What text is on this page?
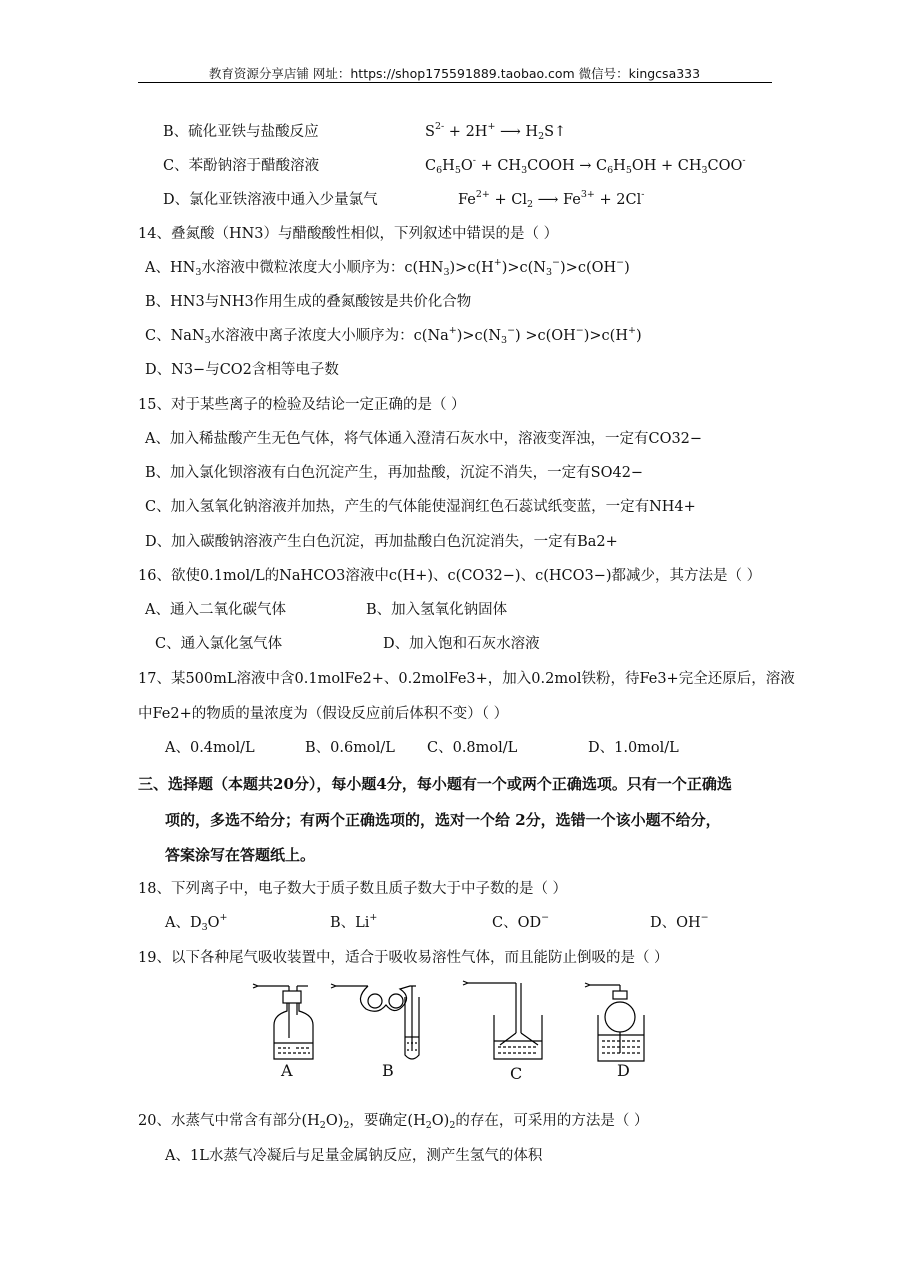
教育资源分享店铺 网址：https://shop175591889.taobao.com 微信号：kingcsa333
B、硫化亚铁与盐酸反应	$S^{2-} + 2H^+$ ⟶ $H_2S↑$
C、苯酚钠溶于醋酸溶液	$C_6H_5O^-$ + $CH_3COOH \to C_6H_5OH + CH_3COO^-$
D、氯化亚铁溶液中通入少量氯气	$Fe^{2+} + Cl_2$ ⟶ $Fe^{3+} + 2Cl^-$
14、叠氮酸（HN3）与醋酸酸性相似，下列叙述中错误的是（ ）
A、$HN_3$水溶液中微粒浓度大小顺序为：$c(HN_3)>c(H^+)>c(N_3^-)>c(OH^-)$
B、HN3与NH3作用生成的叠氮酸铵是共价化合物
C、NaN$_3$水溶液中离子浓度大小顺序为：$c(Na^+)>c(N_3^-) >c(OH^-)>c(H^+)$
D、N3−与CO2含相等电子数
15、对于某些离子的检验及结论一定正确的是（ ）
A、加入稀盐酸产生无色气体，将气体通入澄清石灰水中，溶液变浑浊，一定有CO32−
B、加入氯化钡溶液有白色沉淀产生，再加盐酸，沉淀不消失，一定有SO42−
C、加入氢氧化钠溶液并加热，产生的气体能使湿润红色石蕊试纸变蓝，一定有NH4+
D、加入碳酸钠溶液产生白色沉淀，再加盐酸白色沉淀消失，一定有Ba2+
16、欲使0.1mol/L的NaHCO3溶液中c(H+)、c(CO32−)、c(HCO3−)都减少，其方法是（ ）
A、通入二氧化碳气体	B、加入氢氧化钠固体
C、通入氯化氢气体	D、加入饱和石灰水溶液
17、某500mL溶液中含0.1molFe2+、0.2molFe3+，加入0.2mol铁粉，待Fe3+完全还原后，溶液
中Fe2+的物质的量浓度为（假设反应前后体积不变）（ ）
A、0.4mol/L	B、0.6mol/L C、0.8mol/L	D、1.0mol/L
三、选择题（本题共20分），每小题4分，每小题有一个或两个正确选项。只有一个正确选
项的，多选不给分；有两个正确选项的，选对一个给 2分，选错一个该小题不给分，
答案涂写在答题纸上。
18、下列离子中，电子数大于质子数且质子数大于中子数的是（ ）
A、$D_3O^+$	B、Li+	C、OD−	D、OH−
19、以下各种尾气吸收装置中，适合于吸收易溶性气体，而且能防止倒吸的是（ ）
A	B	C	D
20、水蒸气中常含有部分$(H_2O)_2$，要确定$(H_2O)_2$的存在，可采用的方法是（ ）
A、1L水蒸气冷凝后与足量金属钠反应，测产生氢气的体积
